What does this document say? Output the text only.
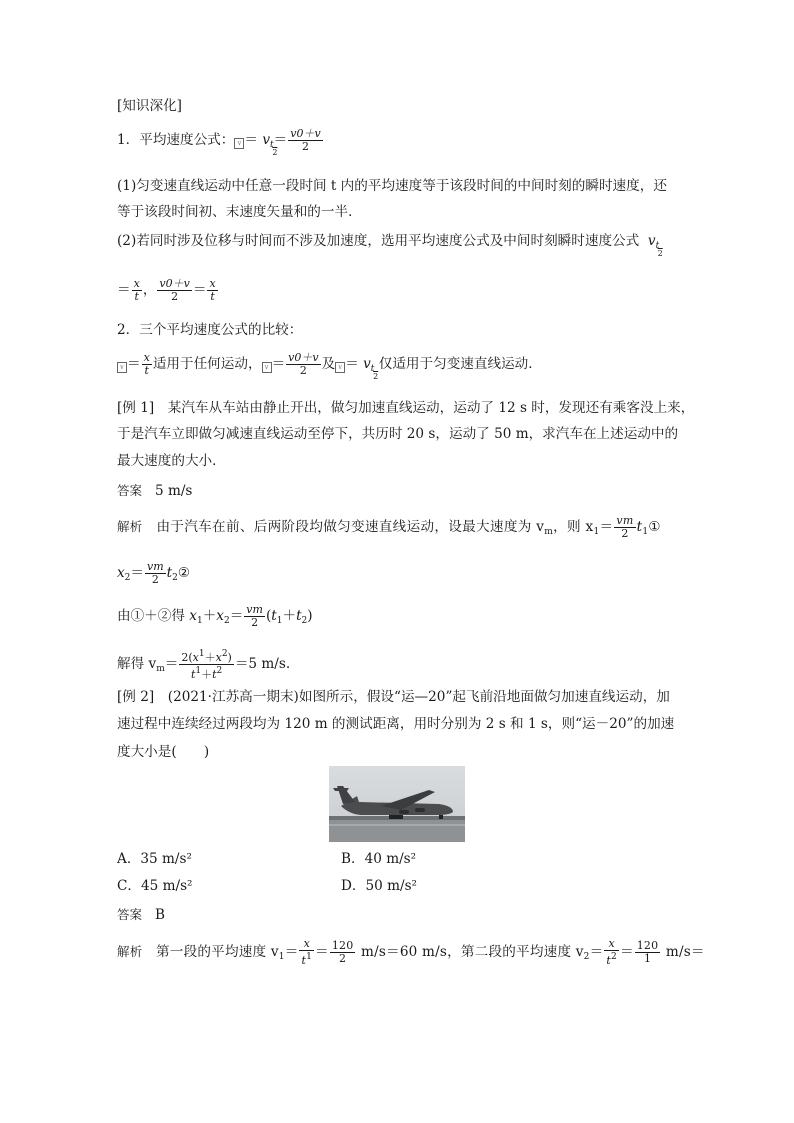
[知识深化]
1．平均速度公式： $v = v_t$
2
＝ $\frac{v0+v}{2}$
(1)匀变速直线运动中任意一段时间 t 内的平均速度等于该段时间的中间时刻的瞬时速度，还
等于该段时间初、末速度矢量和的一半．
(2)若同时涉及位移与时间而不涉及加速度，选用平均速度公式及中间时刻瞬时速度公式 $v_t$
2
＝ $\frac{x}{t}$ ， $\frac{v0+v}{2} = \frac{x}{t}$
2．三个平均速度公式的比较：
$v = \frac{x}{t}$ 适用于任何运动， $v = \frac{v0+v}{2}$ 及 $v = v_t$
2
仅适用于匀变速直线运动．
[例 1]　某汽车从车站由静止开出，做匀加速直线运动，运动了 12 s 时，发现还有乘客没上来，
于是汽车立即做匀减速直线运动至停下，共历时 20 s，运动了 50 m，求汽车在上述运动中的
最大速度的大小．
答案 5 m/s
解析 由于汽车在前、后两阶段均做匀变速直线运动，设最大速度为 $v_m$，则 $x_1= \frac{vm}{2}$ $t_1①$
$x_2= \frac{vm}{2}$ $t_2②$
由①＋②得 $x_1+x_2= \frac{vm}{2} (t_1+t_2)$
解得 $v_m= \frac{2(x^1+x^2)}{t^1+t^2} =5$ m/s.
[例 2]　(2021·江苏高一期末)如图所示，假设“运—20”起飞前沿地面做匀加速直线运动，加
速过程中连续经过两段均为 120 m 的测试距离，用时分别为 2 s 和 1 s，则“运－20”的加速
度大小是(　　)
A．35 m/s²	B．40 m/s²
C．45 m/s²	D．50 m/s²
答案 B
解析 第一段的平均速度 $v_1= \frac{x}{t^1} = \frac{120}{2} m/s=60$ m/s，第二段的平均速度 $v_2= \frac{x}{t^2} = \frac{120}{1} m/s=$
